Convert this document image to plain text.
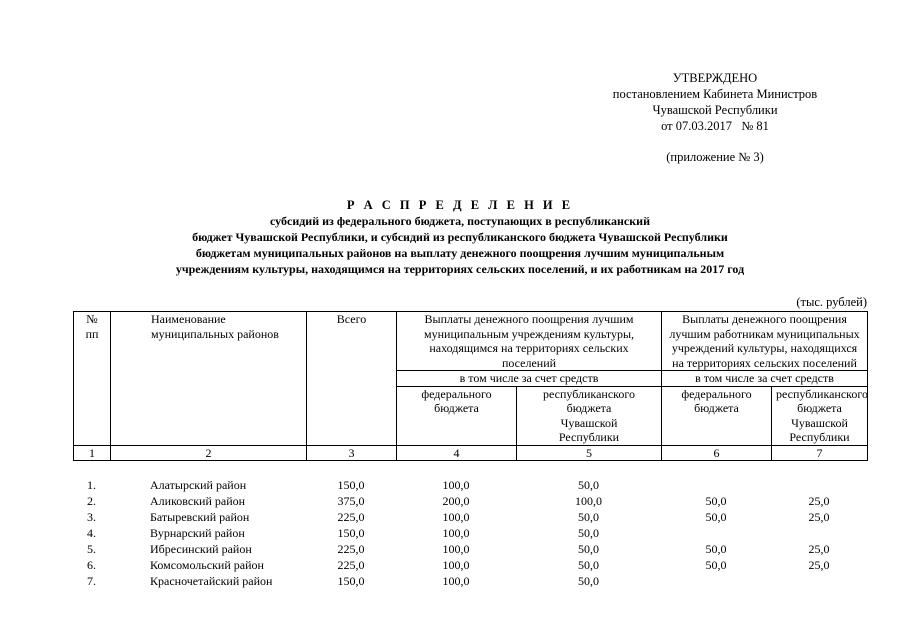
УТВЕРЖДЕНО
постановлением Кабинета Министров
Чувашской Республики
от 07.03.2017   № 81
(приложение № 3)
Р А С П Р Е Д Е Л Е Н И Е
субсидий из федерального бюджета, поступающих в республиканский
бюджет Чувашской Республики, и субсидий из республиканского бюджета Чувашской Республики
бюджетам муниципальных районов на выплату денежного поощрения лучшим муниципальным
учреждениям культуры, находящимся на территориях сельских поселений, и их работникам на 2017 год
(тыс. рублей)
№ пп	Наименование муниципальных районов	Всего	Выплаты денежного поощрения лучшим муниципальным учреждениям культуры, находящимся на территориях сельских поселений		Выплаты денежного поощрения лучшим работникам муниципальных учреждений культуры, находящихся на территориях сельских поселений	
			в том числе за счет средств		в том числе за счет средств	
			федерального бюджета	республиканского бюджета Чувашской Республики	федерального бюджета	республиканского бюджета Чувашской Республики
1	2	3	4	5	6	7
1.	Алатырский район	150,0	100,0	50,0		
2.	Аликовский район	375,0	200,0	100,0	50,0	25,0
3.	Батыревский район	225,0	100,0	50,0	50,0	25,0
4.	Вурнарский район	150,0	100,0	50,0		
5.	Ибресинский район	225,0	100,0	50,0	50,0	25,0
6.	Комсомольский район	225,0	100,0	50,0	50,0	25,0
7.	Красночетайский район	150,0	100,0	50,0		
